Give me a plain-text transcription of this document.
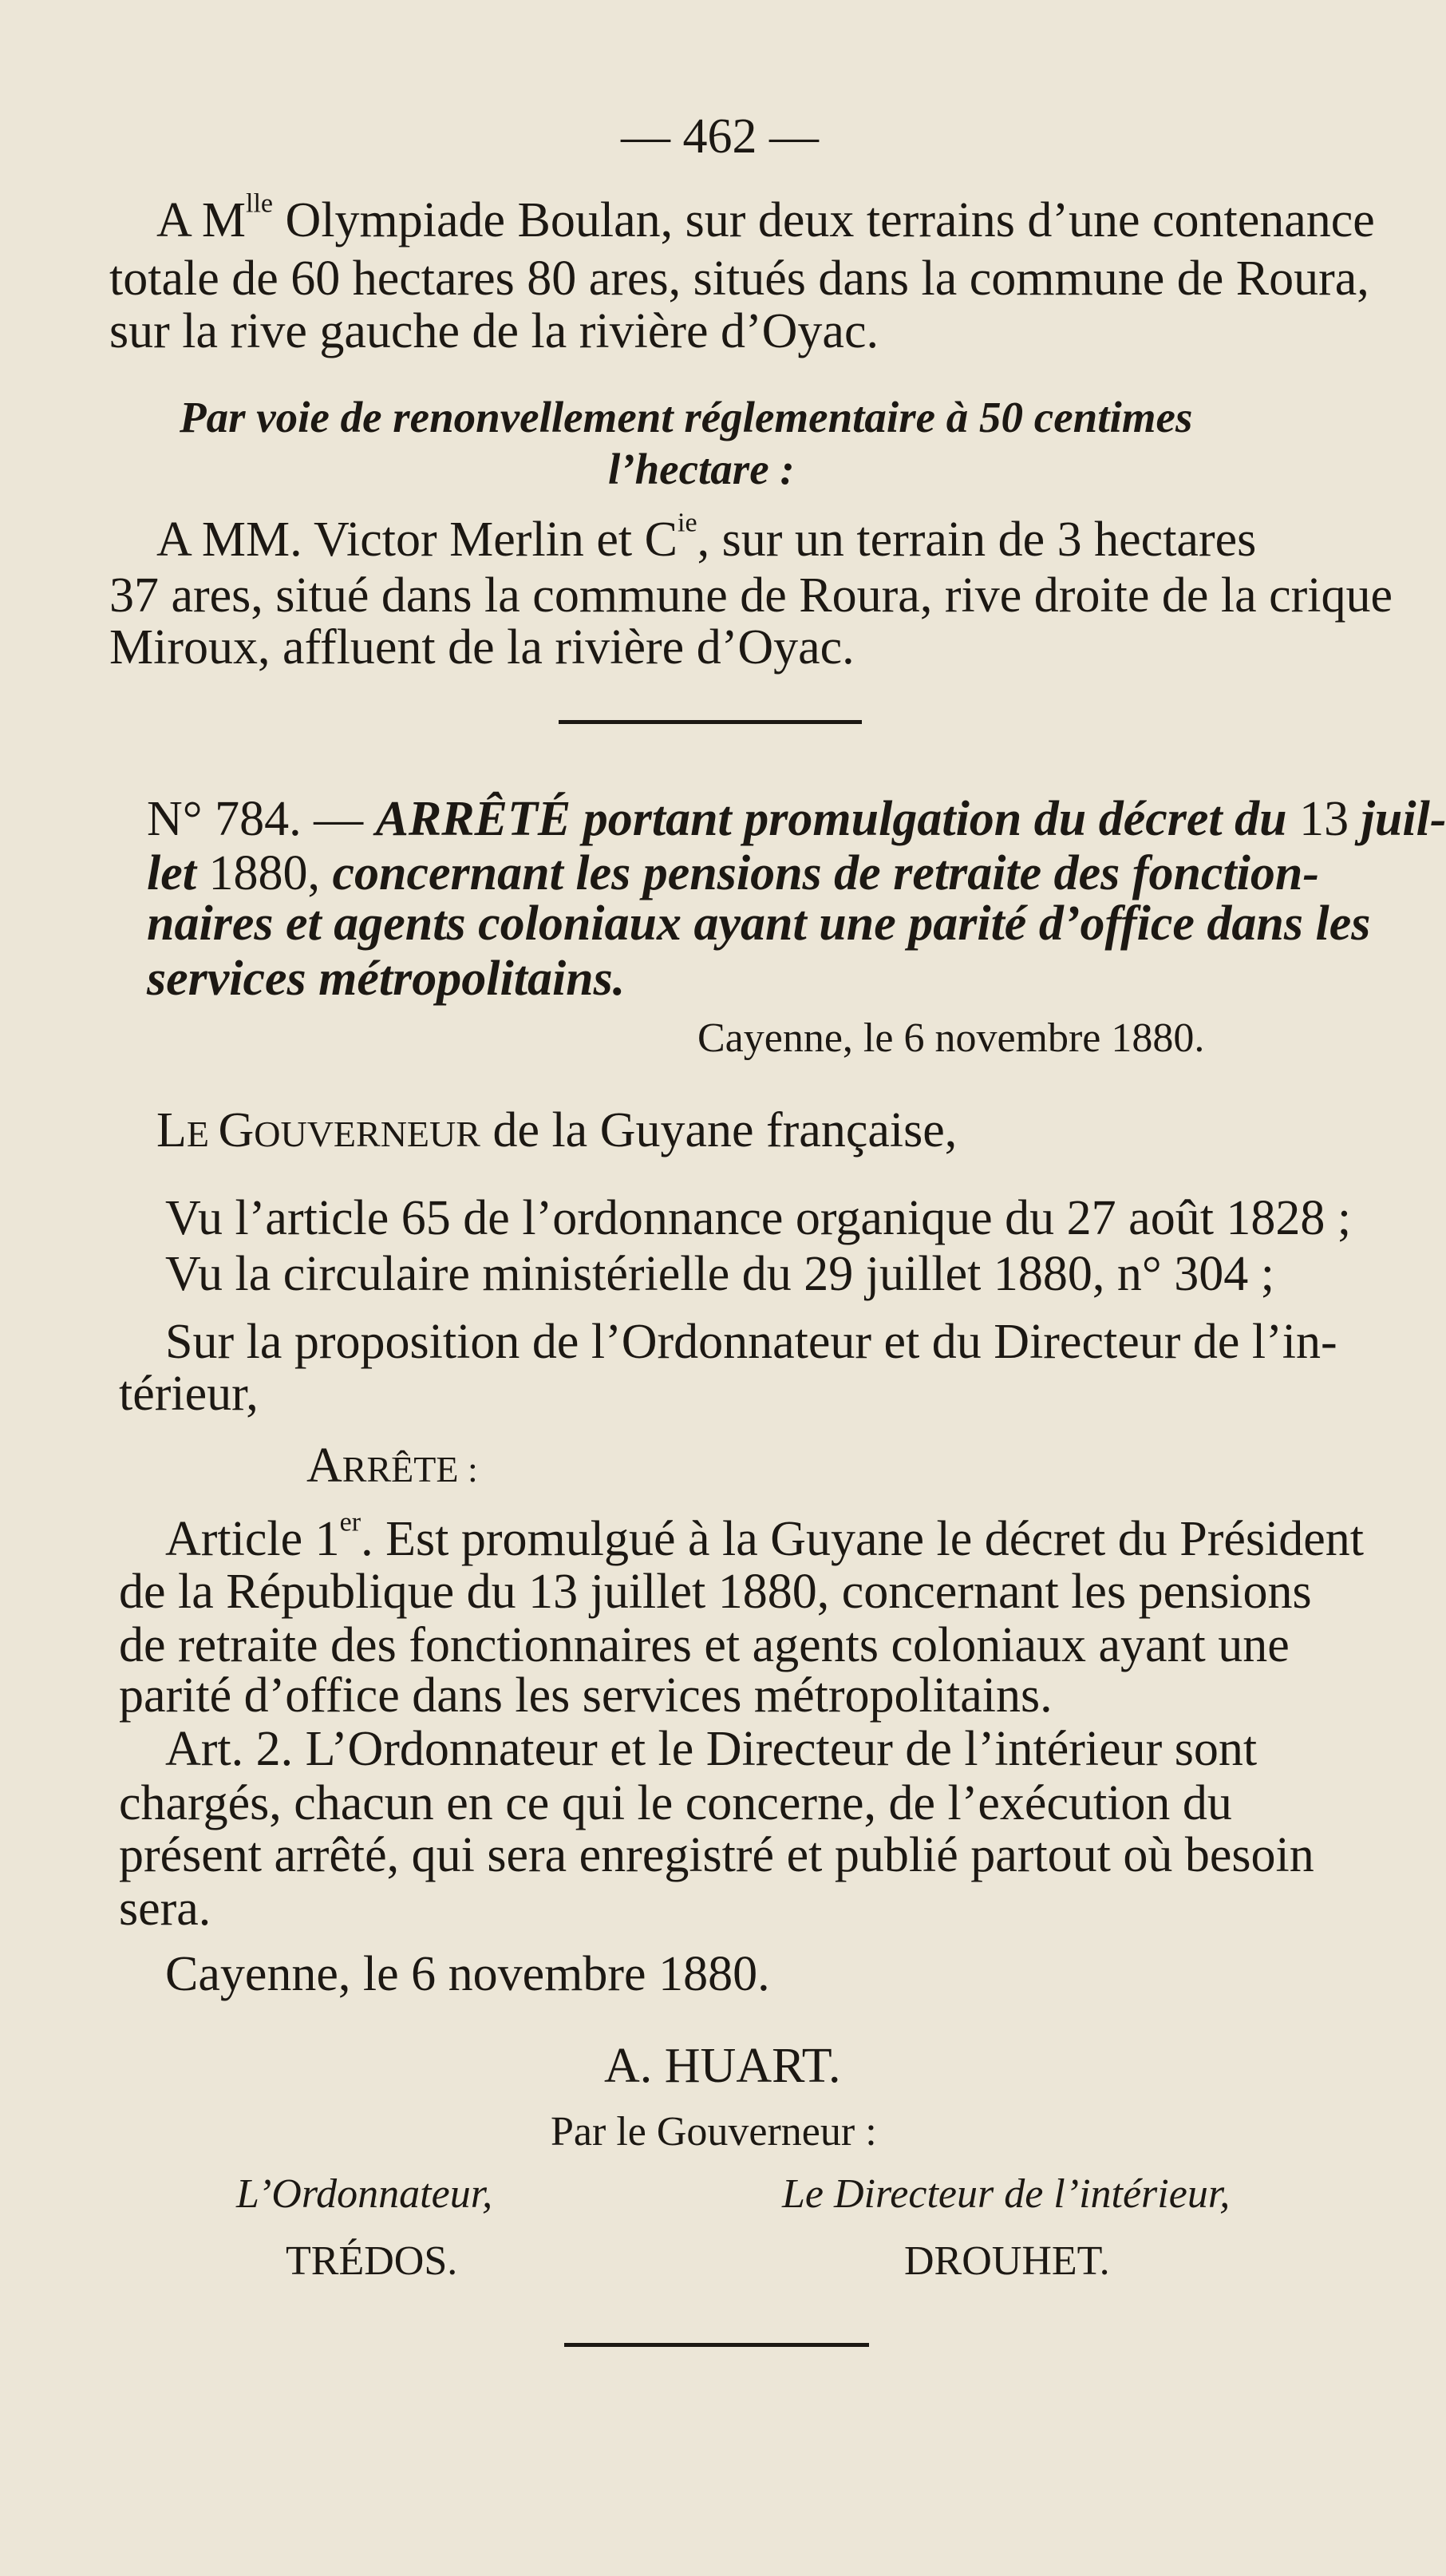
— 462 —
A $M^{lle}$ Olympiade Boulan, sur deux terrains d’une contenance
totale de 60 hectares 80 ares, situés dans la commune de Roura,
sur la rive gauche de la rivière d’Oyac.
Par voie de renonvellement réglementaire à 50 centimes
l’hectare :
A MM. Victor Merlin et $C^{ie}$, sur un terrain de 3 hectares
37 ares, situé dans la commune de Roura, rive droite de la crique
Miroux, affluent de la rivière d’Oyac.
N° 784. — ARRÊTÉ portant promulgation du décret du 13 juil-
let 1880, concernant les pensions de retraite des fonction-
naires et agents coloniaux ayant une parité d’office dans les
services métropolitains.
Cayenne, le 6 novembre 1880.
LE GOUVERNEUR de la Guyane française,
Vu l’article 65 de l’ordonnance organique du 27 août 1828 ;
Vu la circulaire ministérielle du 29 juillet 1880, n° 304 ;
Sur la proposition de l’Ordonnateur et du Directeur de l’in-
térieur,
ARRÊTE :
Article 1er. Est promulgué à la Guyane le décret du Président
de la République du 13 juillet 1880, concernant les pensions
de retraite des fonctionnaires et agents coloniaux ayant une
parité d’office dans les services métropolitains.
Art. 2. L’Ordonnateur et le Directeur de l’intérieur sont
chargés, chacun en ce qui le concerne, de l’exécution du
présent arrêté, qui sera enregistré et publié partout où besoin
sera.
Cayenne, le 6 novembre 1880.
A. HUART.
Par le Gouverneur :
L’Ordonnateur,	Le Directeur de l’intérieur,
TRÉDOS.	DROUHET.
